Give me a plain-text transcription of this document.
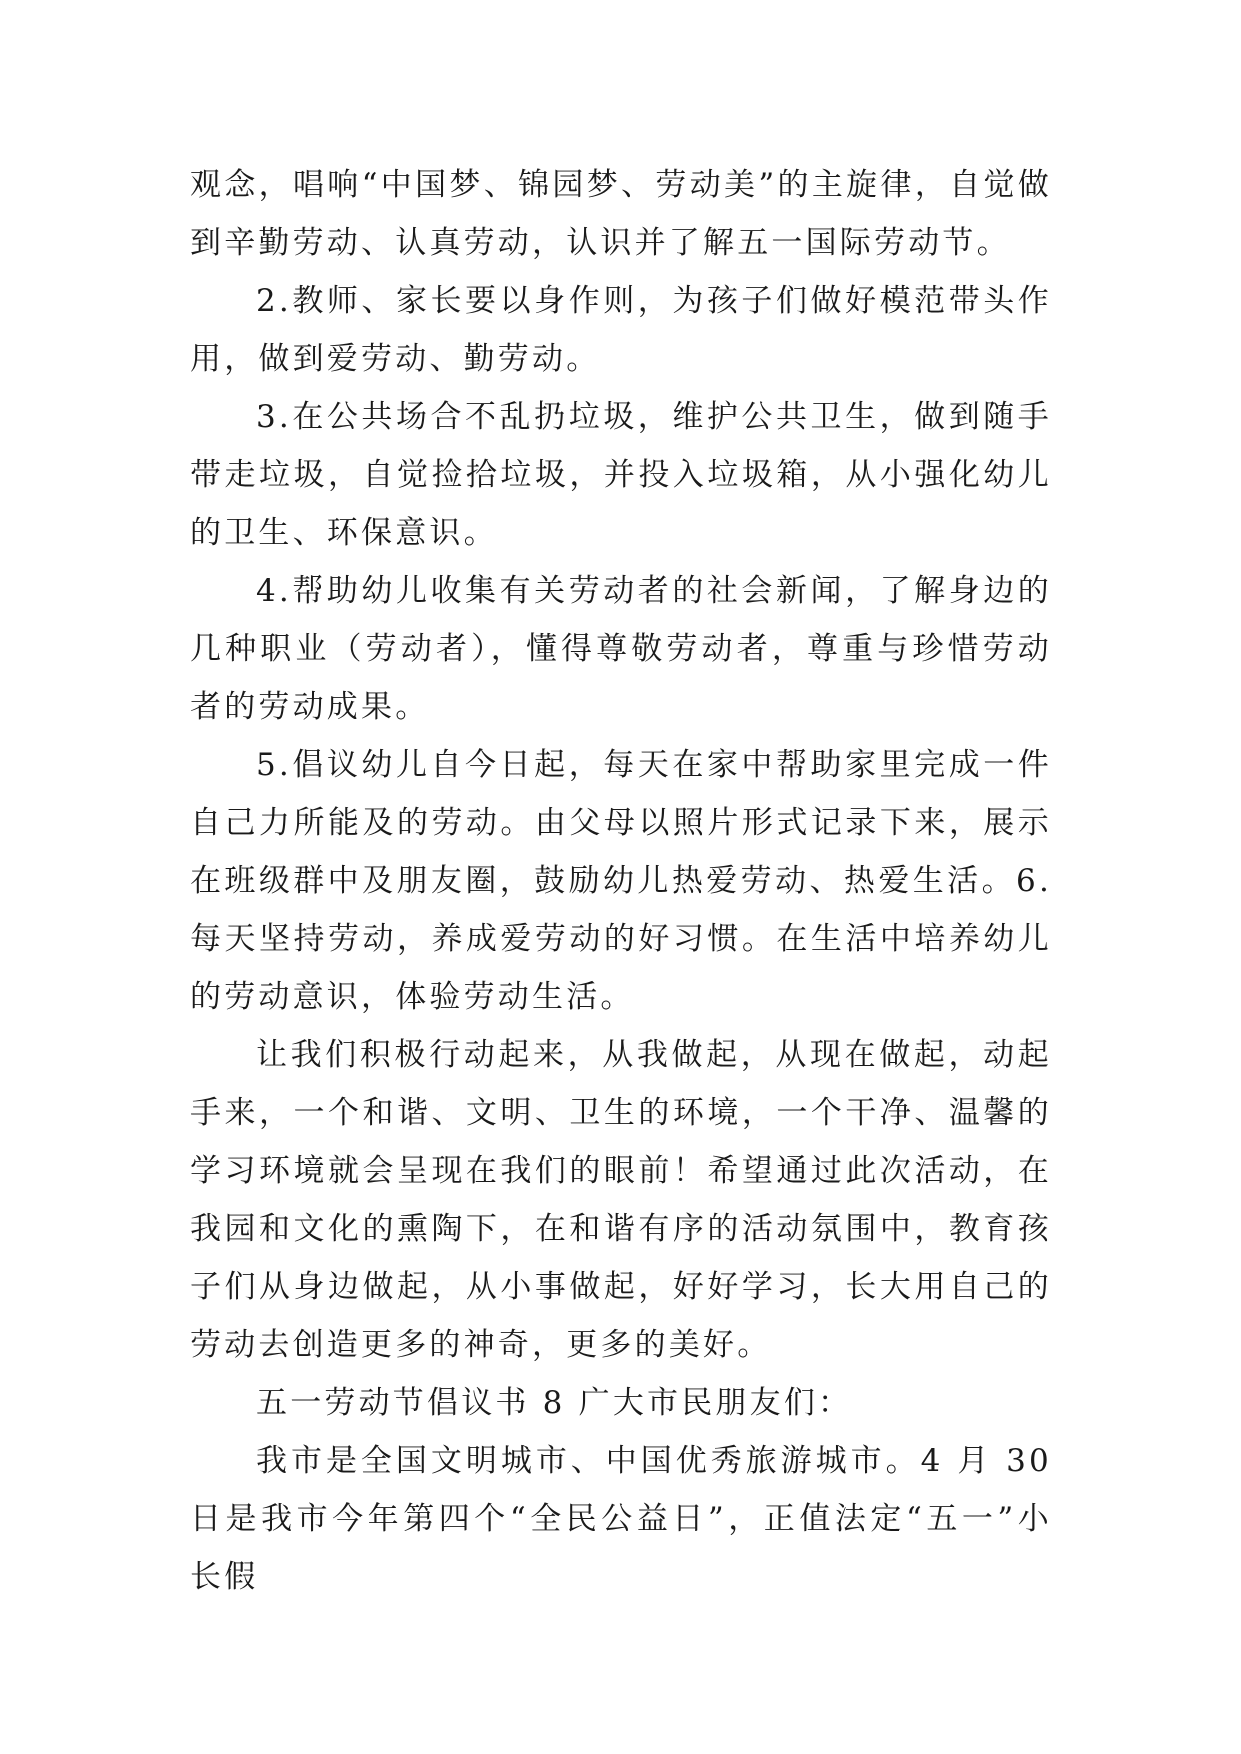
观念，唱响“中国梦、锦园梦、劳动美”的主旋律，自觉做到辛勤劳动、认真劳动，认识并了解五一国际劳动节。

2.教师、家长要以身作则，为孩子们做好模范带头作用，做到爱劳动、勤劳动。

3.在公共场合不乱扔垃圾，维护公共卫生，做到随手带走垃圾，自觉捡拾垃圾，并投入垃圾箱，从小强化幼儿的卫生、环保意识。

4.帮助幼儿收集有关劳动者的社会新闻，了解身边的几种职业（劳动者），懂得尊敬劳动者，尊重与珍惜劳动者的劳动成果。

5.倡议幼儿自今日起，每天在家中帮助家里完成一件自己力所能及的劳动。由父母以照片形式记录下来，展示在班级群中及朋友圈，鼓励幼儿热爱劳动、热爱生活。6.每天坚持劳动，养成爱劳动的好习惯。在生活中培养幼儿的劳动意识，体验劳动生活。

让我们积极行动起来，从我做起，从现在做起，动起手来，一个和谐、文明、卫生的环境，一个干净、温馨的学习环境就会呈现在我们的眼前！希望通过此次活动，在我园和文化的熏陶下，在和谐有序的活动氛围中，教育孩子们从身边做起，从小事做起，好好学习，长大用自己的劳动去创造更多的神奇，更多的美好。

五一劳动节倡议书 8 广大市民朋友们：

我市是全国文明城市、中国优秀旅游城市。4 月 30 日是我市今年第四个“全民公益日”，正值法定“五一”小长假
